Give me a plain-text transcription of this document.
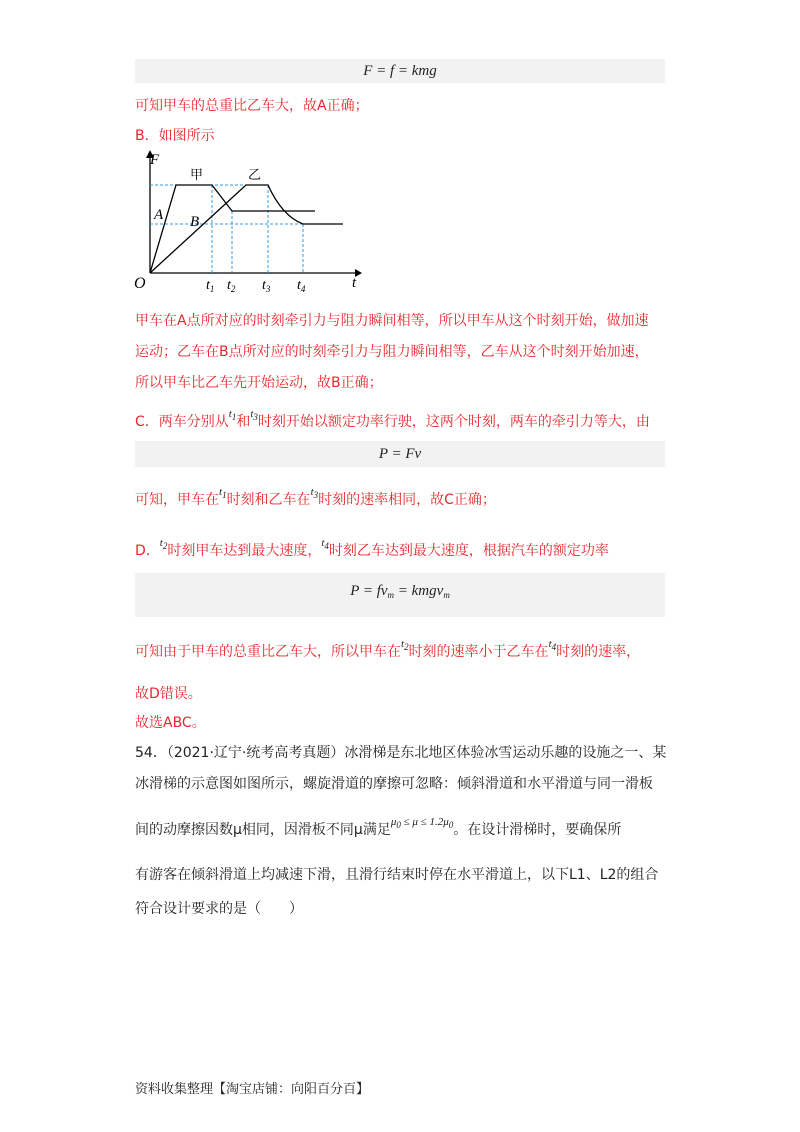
F = f = kmg
可知甲车的总重比乙车大，故A正确；
B．如图所示
F
t
O
甲	乙
A B
$t_1$ $t_2$ $t_3$ $t_4$
甲车在A点所对应的时刻牵引力与阻力瞬间相等，所以甲车从这个时刻开始，做加速
运动；乙车在B点所对应的时刻牵引力与阻力瞬间相等，乙车从这个时刻开始加速，
所以甲车比乙车先开始运动，故B正确；
C．两车分别从$^{t_1}$和$^{t_3}$时刻开始以额定功率行驶，这两个时刻，两车的牵引力等大，由
P = Fv
可知，甲车在$^{t_1}$时刻和乙车在$^{t_3}$时刻的速率相同，故C正确；
D．$^{t_2}$时刻甲车达到最大速度，$^{t_4}$时刻乙车达到最大速度，根据汽车的额定功率
$P = fv_m$ = kmgv$_m$
可知由于甲车的总重比乙车大，所以甲车在$^{t_2}$时刻的速率小于乙车在$^{t_4}$时刻的速率，
故D错误。
故选ABC。
54．（2021·辽宁·统考高考真题）冰滑梯是东北地区体验冰雪运动乐趣的设施之一、某
冰滑梯的示意图如图所示，螺旋滑道的摩擦可忽略：倾斜滑道和水平滑道与同一滑板
间的动摩擦因数μ相同，因滑板不同μ满足$^{\mu_0 \le \mu \le 1.2\mu_0}$。在设计滑梯时，要确保所
有游客在倾斜滑道上均减速下滑，且滑行结束时停在水平滑道上，以下L1、L2的组合
符合设计要求的是（　　）
资料收集整理【淘宝店铺：向阳百分百】
